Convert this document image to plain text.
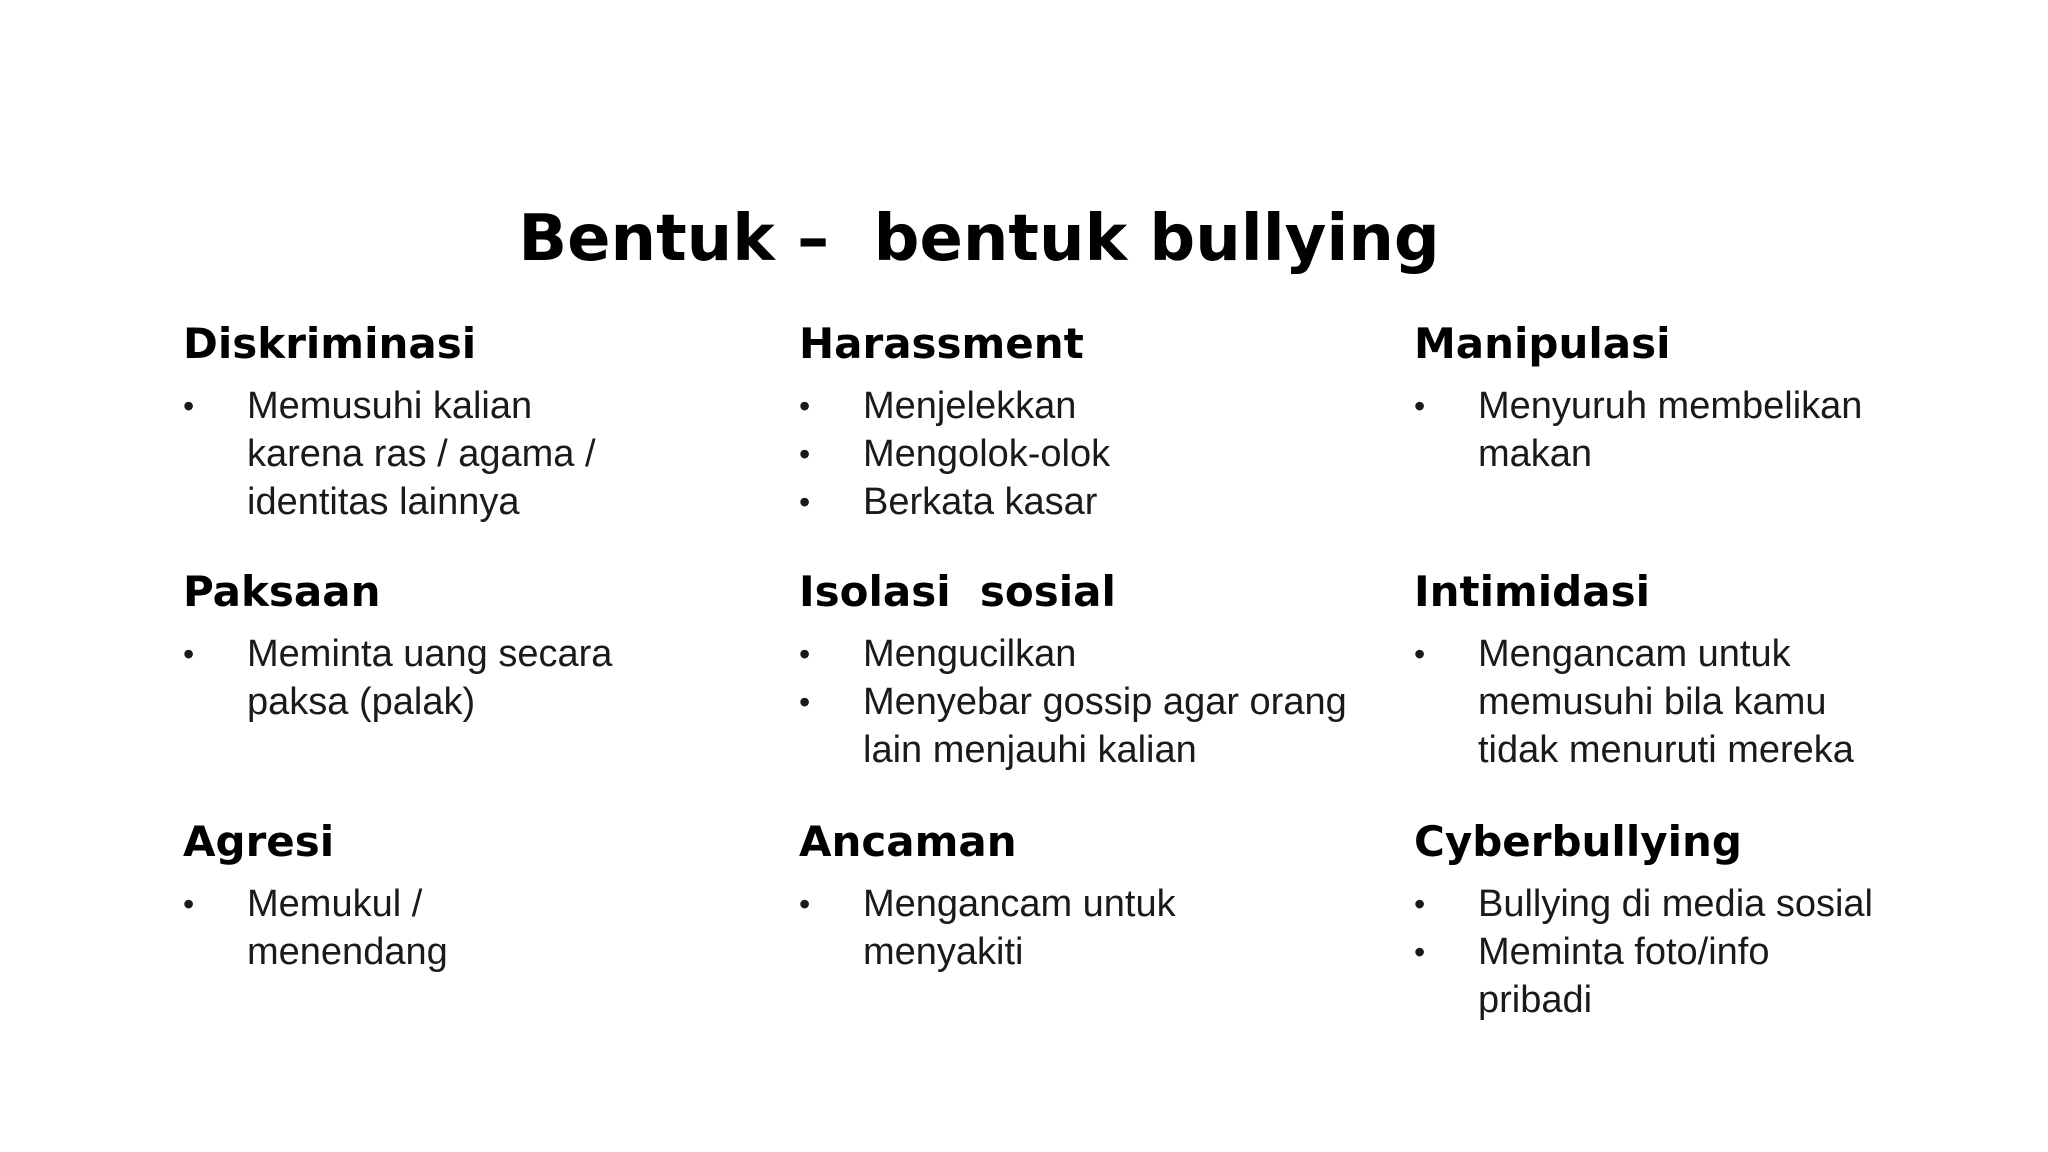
Bentuk –  bentuk bullying
Diskriminasi
• Memusuhi kalian karena ras / agama / identitas lainnya
Harassment
• Menjelekkan
• Mengolok-olok
• Berkata kasar
Manipulasi
• Menyuruh membelikan makan
Paksaan
• Meminta uang secara paksa (palak)
Isolasi  sosial
• Mengucilkan
• Menyebar gossip agar orang lain menjauhi kalian
Intimidasi
• Mengancam untuk memusuhi bila kamu tidak menuruti mereka
Agresi
• Memukul / menendang
Ancaman
• Mengancam untuk menyakiti
Cyberbullying
• Bullying di media sosial
• Meminta foto/info pribadi
